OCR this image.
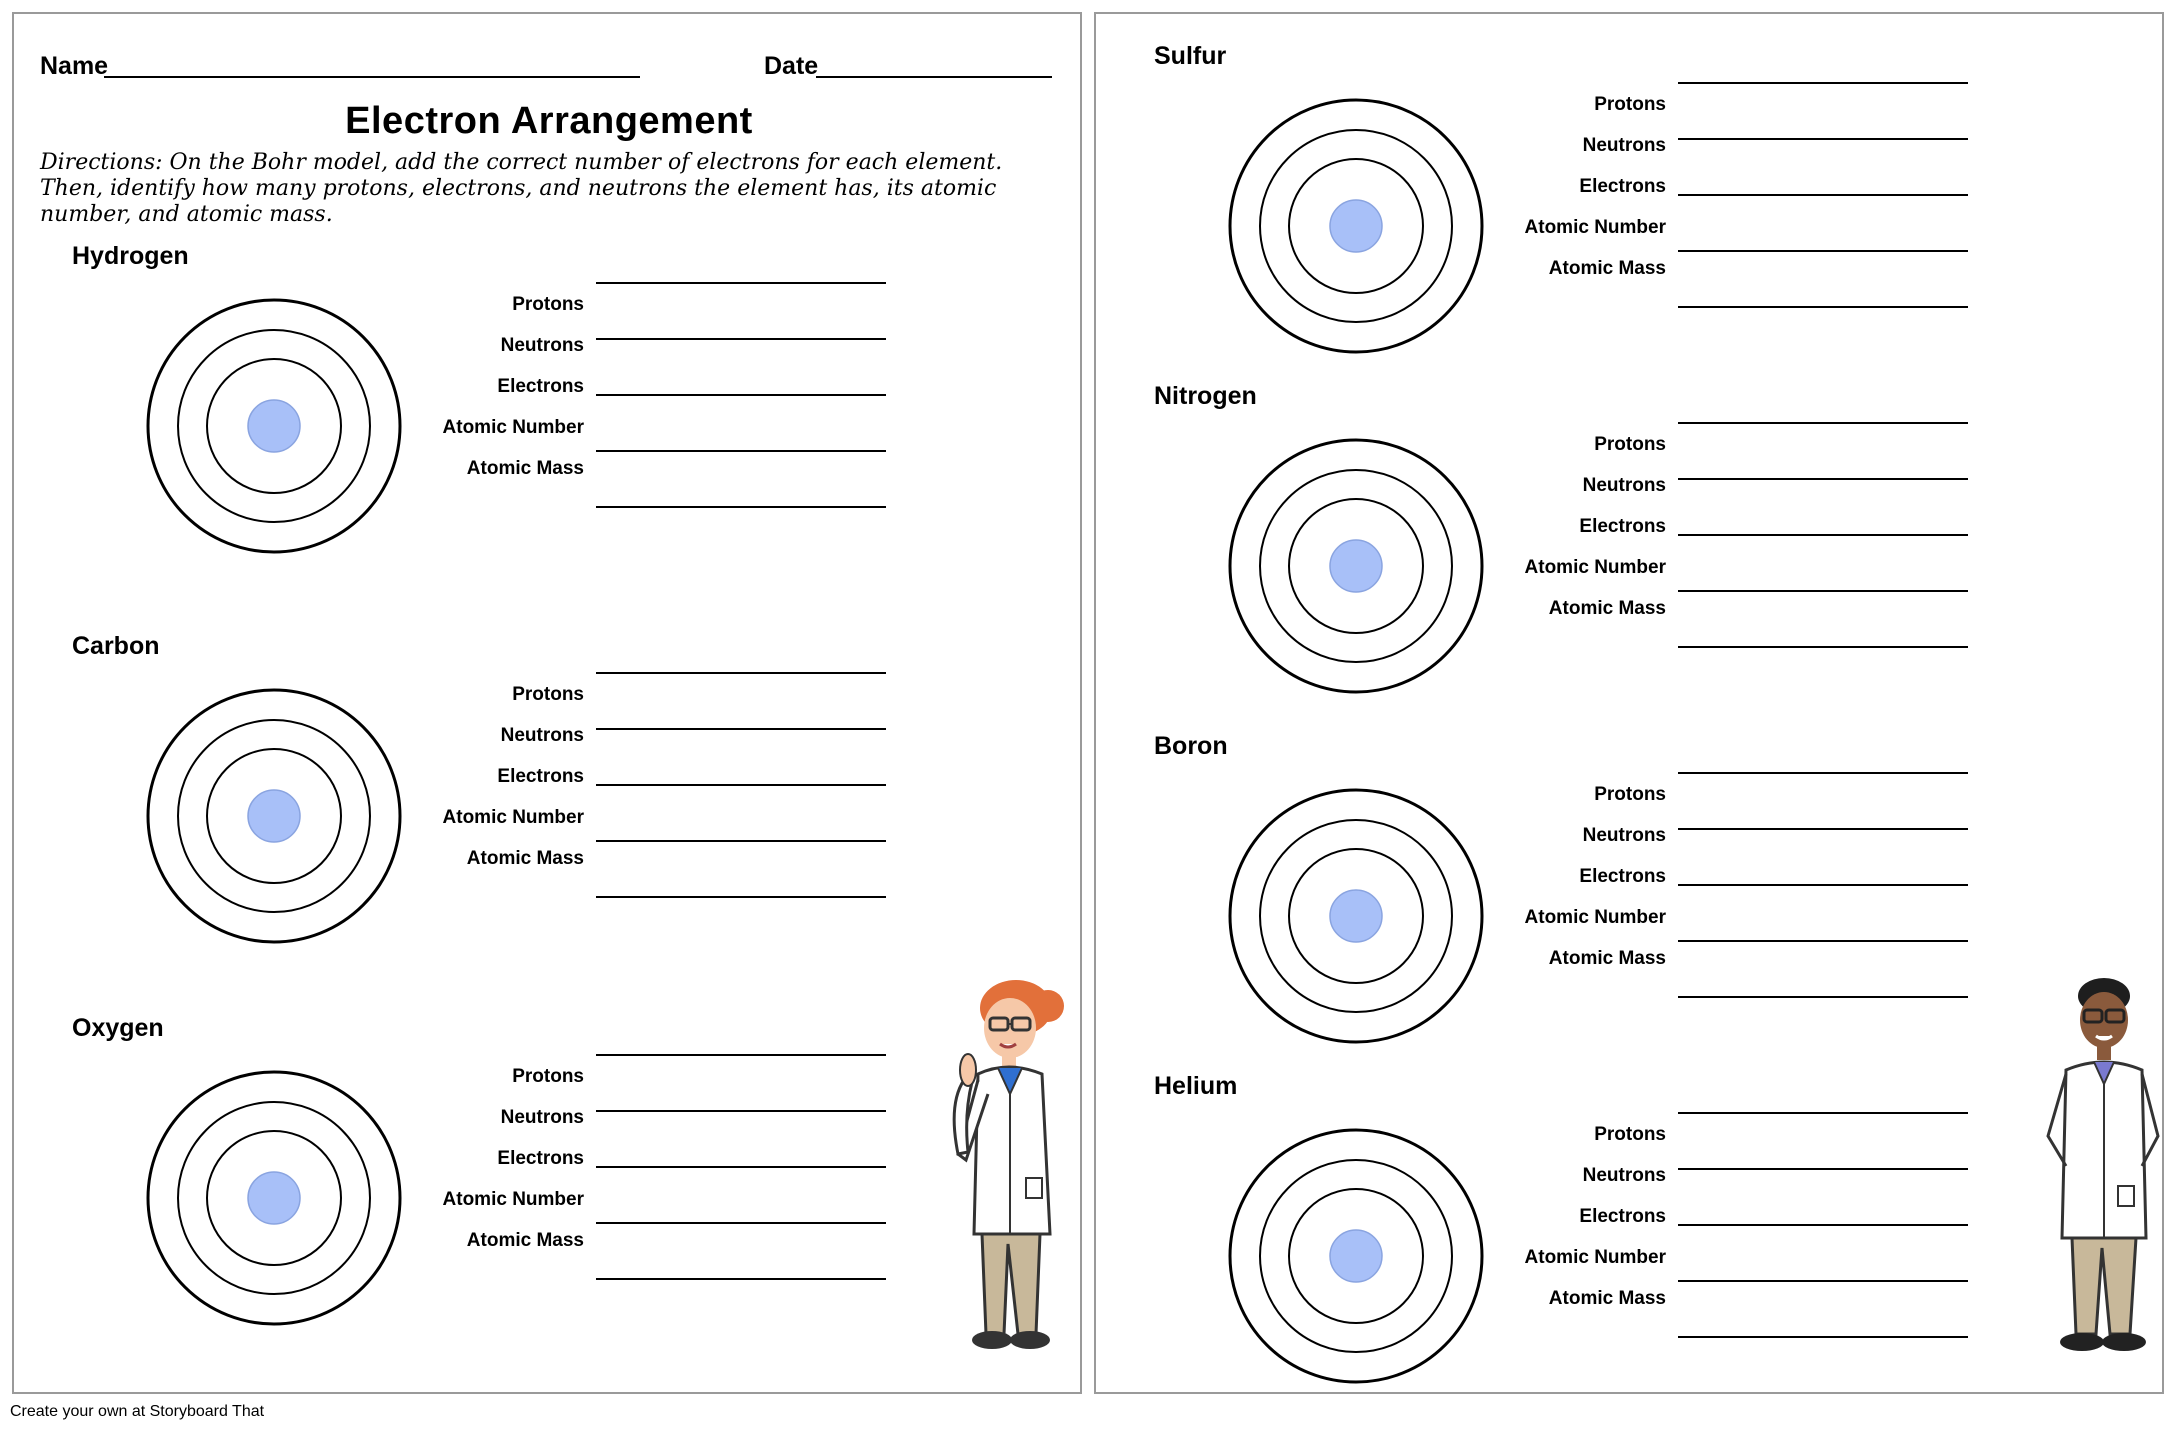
Name	Date
Electron Arrangement
Directions: On the Bohr model, add the correct number of electrons for each element. Then, identify how many protons, electrons, and neutrons the element has, its atomic number, and atomic mass.
Hydrogen
Protons
Neutrons
Electrons
Atomic Number
Atomic Mass
Carbon
Protons
Neutrons
Electrons
Atomic Number
Atomic Mass
Oxygen
Protons
Neutrons
Electrons
Atomic Number
Atomic Mass
Sulfur
Protons
Neutrons
Electrons
Atomic Number
Atomic Mass
Nitrogen
Protons
Neutrons
Electrons
Atomic Number
Atomic Mass
Boron
Protons
Neutrons
Electrons
Atomic Number
Atomic Mass
Helium
Protons
Neutrons
Electrons
Atomic Number
Atomic Mass
Create your own at Storyboard That
